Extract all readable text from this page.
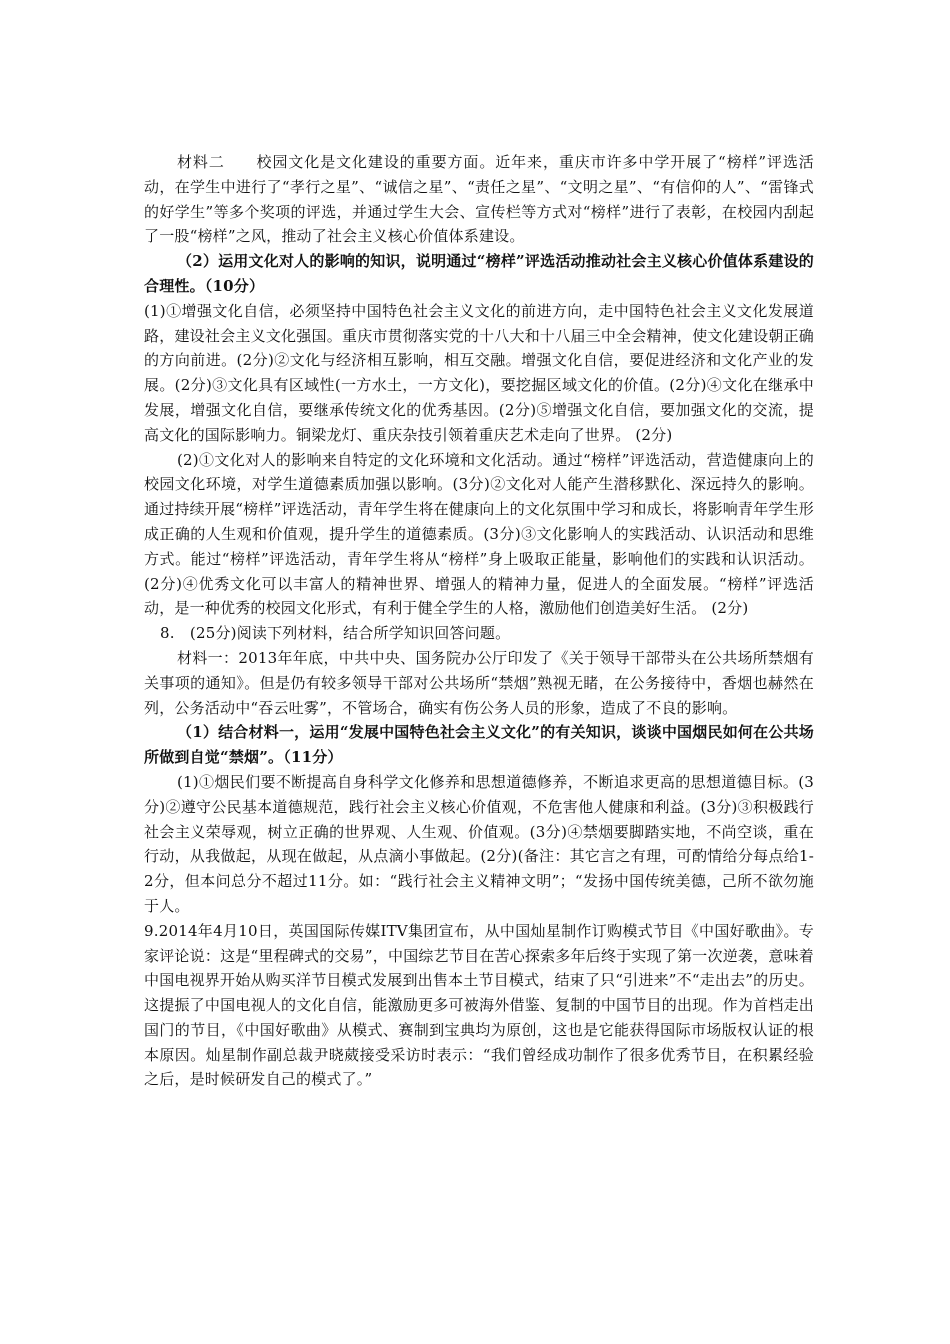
材料二　　校园文化是文化建设的重要方面。近年来，重庆市许多中学开展了“榜样”评选活动，在学生中进行了“孝行之星”、“诚信之星”、“责任之星”、“文明之星”、“有信仰的人”、“雷锋式的好学生”等多个奖项的评选，并通过学生大会、宣传栏等方式对“榜样”进行了表彰，在校园内刮起了一股“榜样”之风，推动了社会主义核心价值体系建设。

（2）运用文化对人的影响的知识，说明通过“榜样”评选活动推动社会主义核心价值体系建设的合理性。（10分）

(1)①增强文化自信，必须坚持中国特色社会主义文化的前进方向，走中国特色社会主义文化发展道路，建设社会主义文化强国。重庆市贯彻落实党的十八大和十八届三中全会精神，使文化建设朝正确的方向前进。(2分)②文化与经济相互影响，相互交融。增强文化自信，要促进经济和文化产业的发展。(2分)③文化具有区域性(一方水土，一方文化)，要挖掘区域文化的价值。(2分)④文化在继承中发展，增强文化自信，要继承传统文化的优秀基因。(2分)⑤增强文化自信，要加强文化的交流，提高文化的国际影响力。铜梁龙灯、重庆杂技引领着重庆艺术走向了世界。 (2分)

(2)①文化对人的影响来自特定的文化环境和文化活动。通过“榜样”评选活动，营造健康向上的校园文化环境，对学生道德素质加强以影响。(3分)②文化对人能产生潜移默化、深远持久的影响。通过持续开展“榜样”评选活动，青年学生将在健康向上的文化氛围中学习和成长，将影响青年学生形成正确的人生观和价值观，提升学生的道德素质。(3分)③文化影响人的实践活动、认识活动和思维方式。能过“榜样”评选活动，青年学生将从“榜样”身上吸取正能量，影响他们的实践和认识活动。(2分)④优秀文化可以丰富人的精神世界、增强人的精神力量，促进人的全面发展。“榜样”评选活动，是一种优秀的校园文化形式，有利于健全学生的人格，激励他们创造美好生活。 (2分)

8.　(25分)阅读下列材料，结合所学知识回答问题。

材料一：2013年年底，中共中央、国务院办公厅印发了《关于领导干部带头在公共场所禁烟有关事项的通知》。但是仍有较多领导干部对公共场所“禁烟”熟视无睹，在公务接待中，香烟也赫然在列，公务活动中“吞云吐雾”，不管场合，确实有伤公务人员的形象，造成了不良的影响。

（1）结合材料一，运用“发展中国特色社会主义文化”的有关知识，谈谈中国烟民如何在公共场所做到自觉“禁烟”。（11分）

(1)①烟民们要不断提高自身科学文化修养和思想道德修养，不断追求更高的思想道德目标。(3分)②遵守公民基本道德规范，践行社会主义核心价值观，不危害他人健康和利益。(3分)③积极践行社会主义荣辱观，树立正确的世界观、人生观、价值观。(3分)④禁烟要脚踏实地，不尚空谈，重在行动，从我做起，从现在做起，从点滴小事做起。(2分)(备注：其它言之有理，可酌情给分每点给1-2分，但本问总分不超过11分。如：“践行社会主义精神文明”；“发扬中国传统美德，己所不欲勿施于人。

9.2014年4月10日，英国国际传媒ITV集团宣布，从中国灿星制作订购模式节目《中国好歌曲》。专家评论说：这是“里程碑式的交易”，中国综艺节目在苦心探索多年后终于实现了第一次逆袭，意味着中国电视界开始从购买洋节目模式发展到出售本土节目模式，结束了只“引进来”不“走出去”的历史。这提振了中国电视人的文化自信，能激励更多可被海外借鉴、复制的中国节目的出现。作为首档走出国门的节目，《中国好歌曲》从模式、赛制到宝典均为原创，这也是它能获得国际市场版权认证的根本原因。灿星制作副总裁尹晓葳接受采访时表示：“我们曾经成功制作了很多优秀节目，在积累经验之后，是时候研发自己的模式了。”
